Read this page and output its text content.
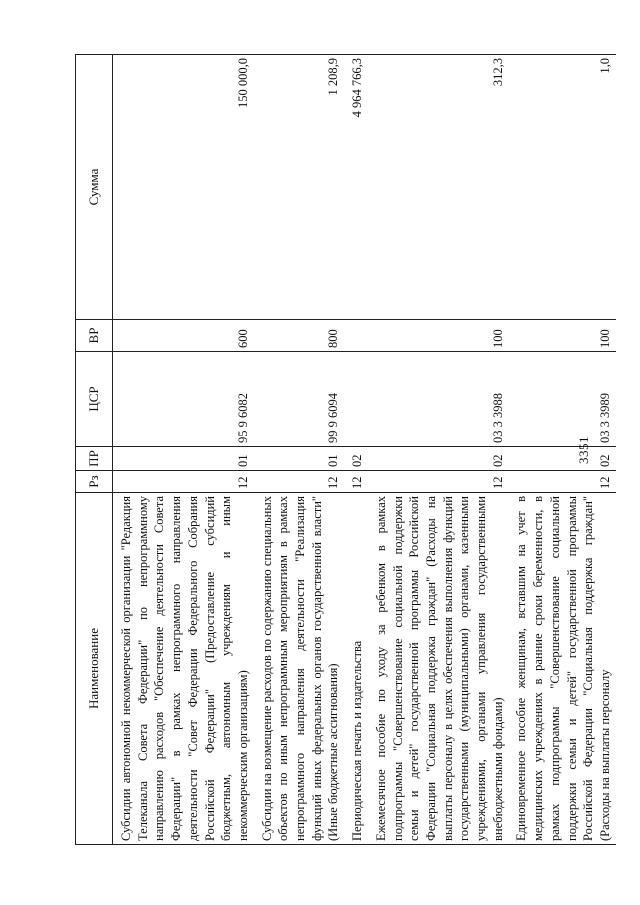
Наименование	Рз	ПР	ЦСР	ВР	Сумма
Субсидии автономной некоммерческой организации "Редакция Телеканала Совета Федерации" по непрограммному направлению расходов "Обеспечение деятельности Совета Федерации" в рамках непрограммного направления деятельности "Совет Федерации Федерального Собрания Российской Федерации" (Предоставление субсидий бюджетным, автономным учреждениям и иным некоммерческим организациям)	12	01	95 9 6082	600	150 000,0
Субсидии на возмещение расходов по содержанию специальных объектов по иным непрограммным мероприятиям в рамках непрограммного направления деятельности "Реализация функций иных федеральных органов государственной власти" (Иные бюджетные ассигнования)	12	01	99 9 6094	800	1 208,9
Периодическая печать и издательства	12	02			4 964 766,3
Ежемесячное пособие по уходу за ребенком в рамках подпрограммы "Совершенствование социальной поддержки семьи и детей" государственной программы Российской Федерации "Социальная поддержка граждан" (Расходы на выплаты персоналу в целях обеспечения выполнения функций государственными (муниципальными) органами, казенными учреждениями, органами управления государственными внебюджетными фондами)	12	02	03 3 3988	100	312,3
Единовременное пособие женщинам, вставшим на учет в медицинских учреждениях в ранние сроки беременности, в рамках подпрограммы "Совершенствование социальной поддержки семьи и детей" государственной программы Российской Федерации "Социальная поддержка граждан" (Расходы на выплаты персоналу	12	02	03 3 3989	100	1,0
3351
